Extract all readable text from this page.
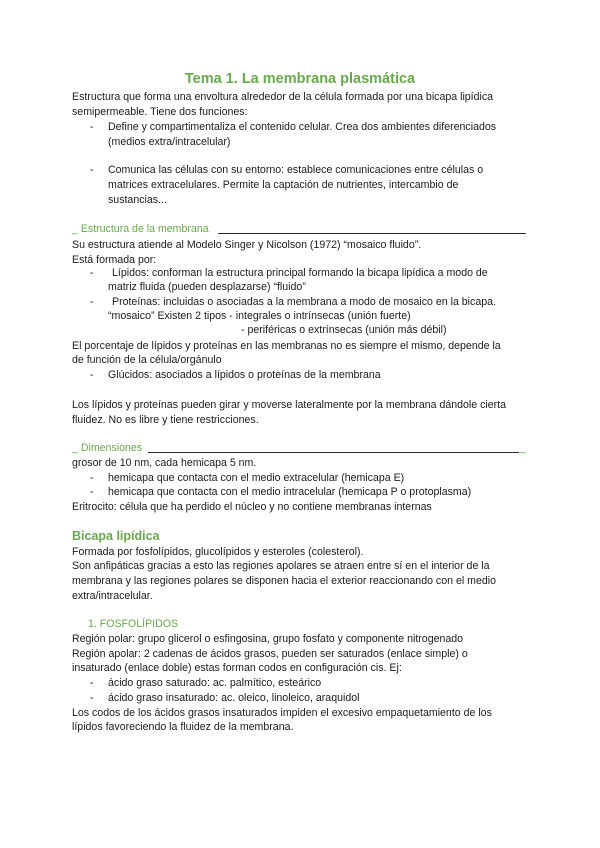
Tema 1. La membrana plasmática
Estructura que forma una envoltura alrededor de la célula formada por una bicapa lipídica
semipermeable. Tiene dos funciones:
- Define y compartimentaliza el contenido celular. Crea dos ambientes diferenciados
(medios extra/intracelular)
- Comunica las células con su entorno: establece comunicaciones entre células o
matrices extracelulares. Permite la captación de nutrientes, intercambio de
sustancias...
_ Estructura de la membrana
Su estructura atiende al Modelo Singer y Nicolson (1972) “mosaico fluido”.
Está formada por:
- Lípidos: conforman la estructura principal formando la bicapa lipídica a modo de
matriz fluida (pueden desplazarse) “fluido”
- Proteínas: incluidas o asociadas a la membrana a modo de mosaico en la bicapa.
“mosaico” Existen 2 tipos - integrales o intrínsecas (unión fuerte)
- periféricas o extrínsecas (unión más débil)
El porcentaje de lípidos y proteínas en las membranas no es siempre el mismo, depende la
de función de la célula/orgánulo
- Glúcidos: asociados a lípidos o proteínas de la membrana
Los lípidos y proteínas pueden girar y moverse lateralmente por la membrana dándole cierta
fluidez. No es libre y tiene restricciones.
_ Dimensiones	_
grosor de 10 nm, cada hemicapa 5 nm.
- hemicapa que contacta con el medio extracelular (hemicapa E)
- hemicapa que contacta con el medio intracelular (hemicapa P o protoplasma)
Eritrocito: célula que ha perdido el núcleo y no contiene membranas internas
Bicapa lipídica
Formada por fosfolípidos, glucolípidos y esteroles (colesterol).
Son anfipáticas gracias a esto las regiones apolares se atraen entre sí en el interior de la
membrana y las regiones polares se disponen hacia el exterior reaccionando con el medio
extra/intracelular.
1. FOSFOLÍPIDOS
Región polar: grupo glicerol o esfingosina, grupo fosfato y componente nitrogenado
Región apolar: 2 cadenas de ácidos grasos, pueden ser saturados (enlace simple) o
insaturado (enlace doble) estas forman codos en configuración cis. Ej:
- ácido graso saturado: ac. palmítico, esteárico
- ácido graso insaturado: ac. oleico, linoleico, araquidol
Los codos de los ácidos grasos insaturados impiden el excesivo empaquetamiento de los
lípidos favoreciendo la fluidez de la membrana.
